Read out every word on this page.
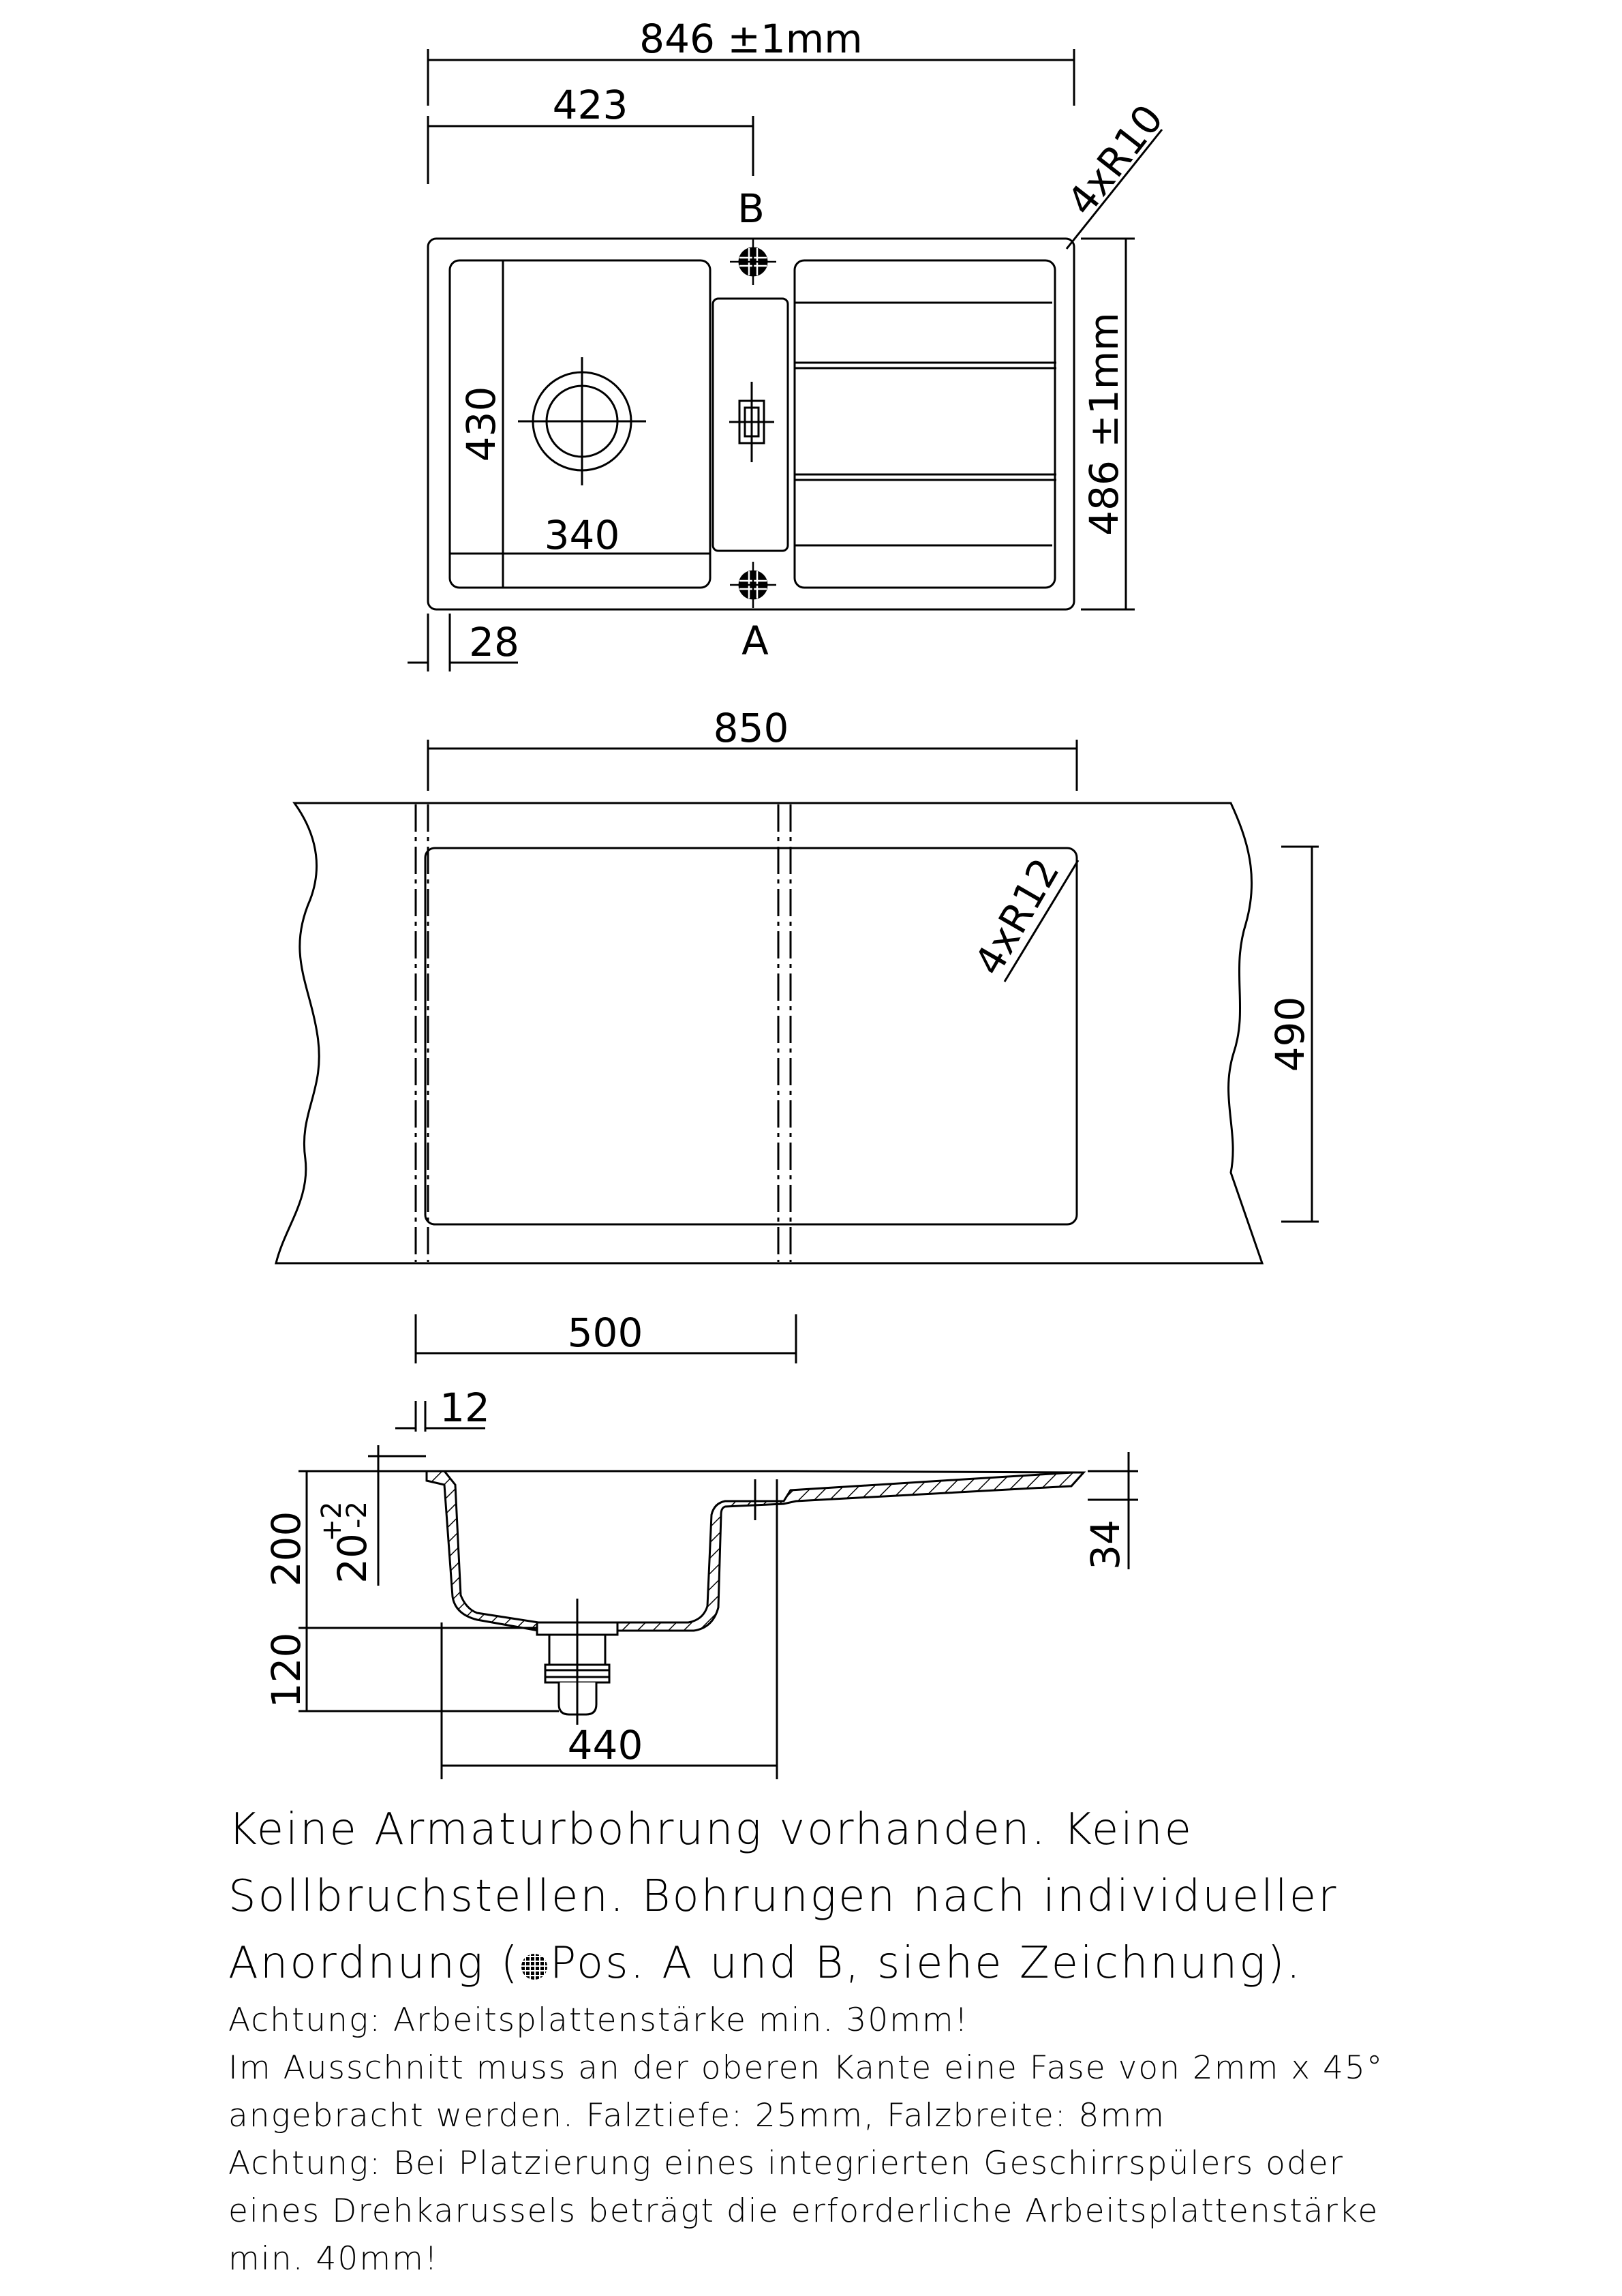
846 ±1mm
423
B	4xR10
486 ±1mm
430
340
A
28
850
490
4xR12
500
12
200 20
+2
-2
120
34
440

Keine Armaturbohrung vorhanden. Keine

Sollbruchstellen. Bohrungen nach individueller

Anordnung ( Pos. A und B, siehe Zeichnung).

Achtung: Arbeitsplattenstärke min. 30mm!

Im Ausschnitt muss an der oberen Kante eine Fase von 2mm x 45°

angebracht werden. Falztiefe: 25mm, Falzbreite: 8mm

Achtung: Bei Platzierung eines integrierten Geschirrspülers oder

eines Drehkarussels beträgt die erforderliche Arbeitsplattenstärke

min. 40mm!
